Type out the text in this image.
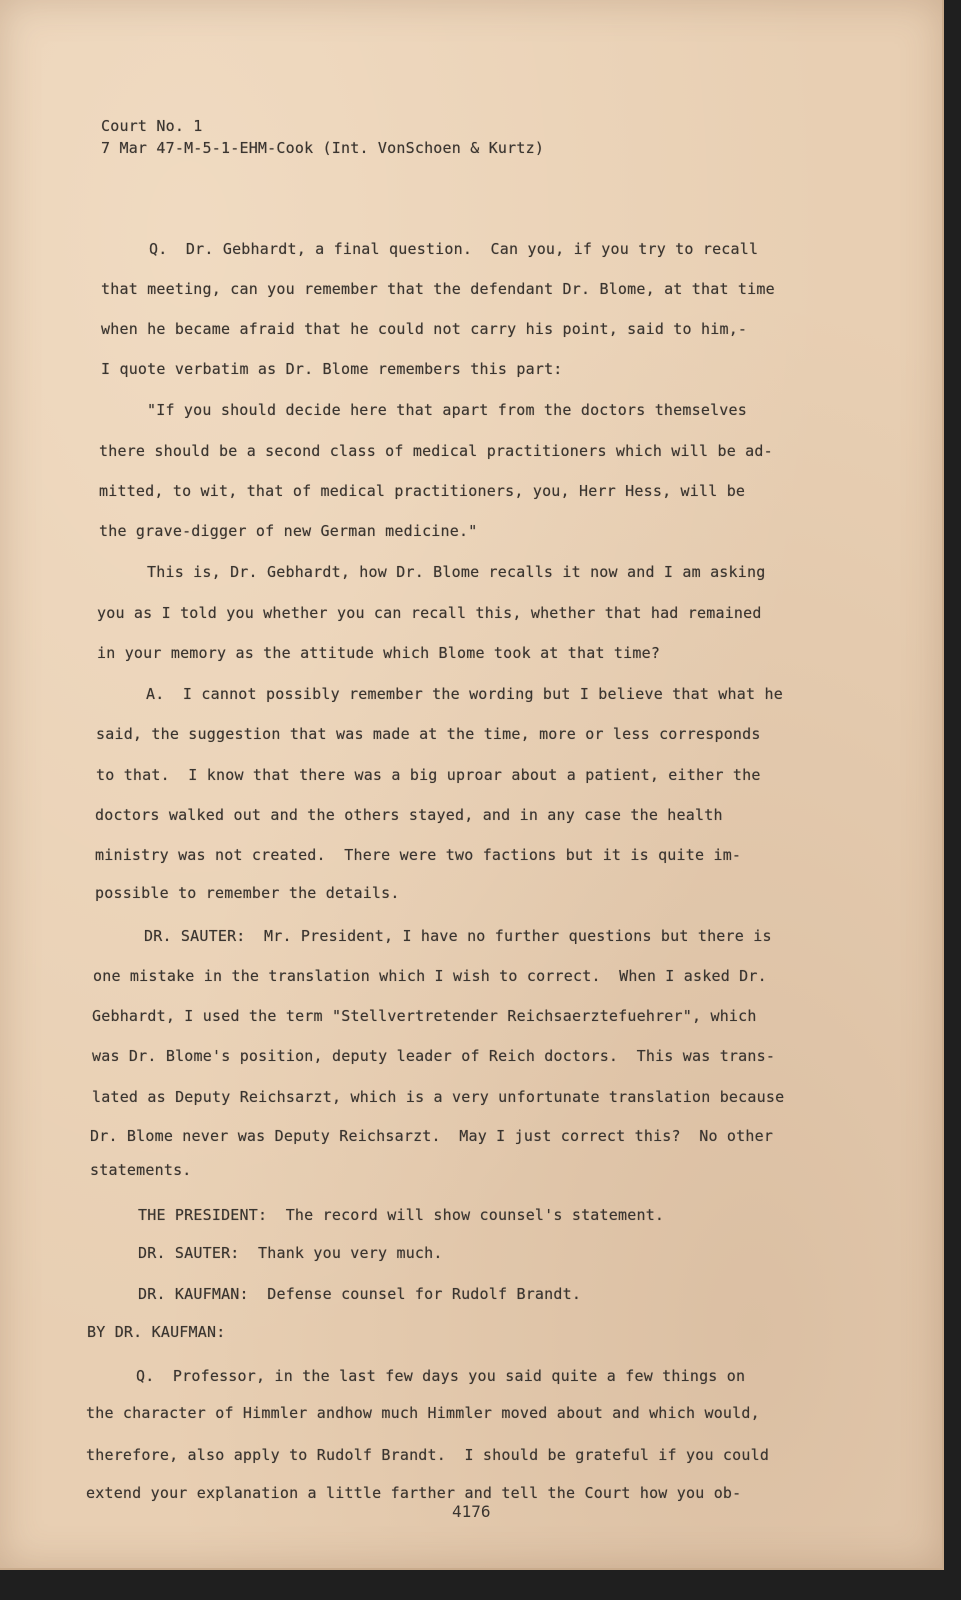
Court No. 1
7 Mar 47-M-5-1-EHM-Cook (Int. VonSchoen & Kurtz)
Q.  Dr. Gebhardt, a final question.  Can you, if you try to recall
that meeting, can you remember that the defendant Dr. Blome, at that time
when he became afraid that he could not carry his point, said to him,-
I quote verbatim as Dr. Blome remembers this part:
"If you should decide here that apart from the doctors themselves
there should be a second class of medical practitioners which will be ad-
mitted, to wit, that of medical practitioners, you, Herr Hess, will be
the grave-digger of new German medicine."
This is, Dr. Gebhardt, how Dr. Blome recalls it now and I am asking
you as I told you whether you can recall this, whether that had remained
in your memory as the attitude which Blome took at that time?
A.  I cannot possibly remember the wording but I believe that what he
said, the suggestion that was made at the time, more or less corresponds
to that.  I know that there was a big uproar about a patient, either the
doctors walked out and the others stayed, and in any case the health
ministry was not created.  There were two factions but it is quite im-
possible to remember the details.
DR. SAUTER:  Mr. President, I have no further questions but there is
one mistake in the translation which I wish to correct.  When I asked Dr.
Gebhardt, I used the term "Stellvertretender Reichsaerztefuehrer", which
was Dr. Blome's position, deputy leader of Reich doctors.  This was trans-
lated as Deputy Reichsarzt, which is a very unfortunate translation because
Dr. Blome never was Deputy Reichsarzt.  May I just correct this?  No other
statements.
THE PRESIDENT:  The record will show counsel's statement.
DR. SAUTER:  Thank you very much.
DR. KAUFMAN:  Defense counsel for Rudolf Brandt.
BY DR. KAUFMAN:
Q.  Professor, in the last few days you said quite a few things on
the character of Himmler andhow much Himmler moved about and which would,
therefore, also apply to Rudolf Brandt.  I should be grateful if you could
extend your explanation a little farther and tell the Court how you ob-
4176
